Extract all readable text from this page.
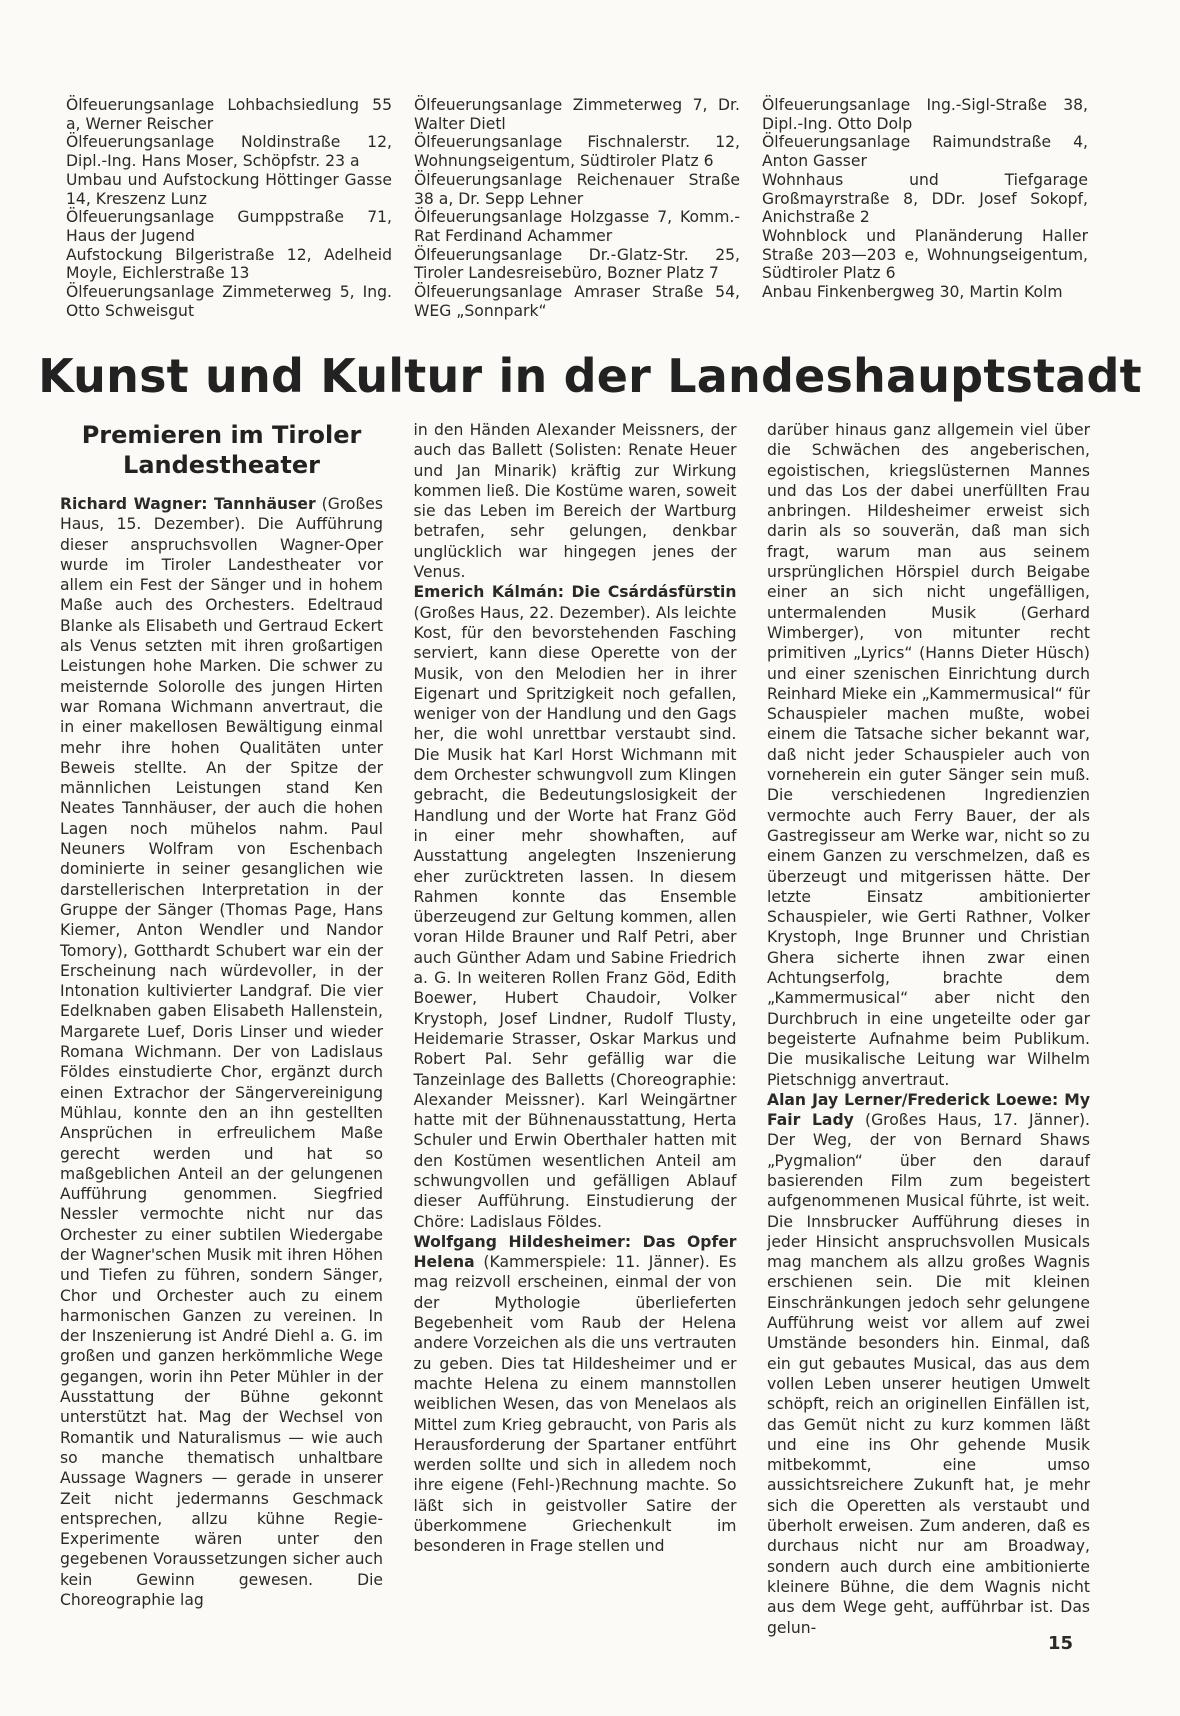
Ölfeuerungsanlage Lohbachsiedlung 55 a, Werner Reischer

Ölfeuerungsanlage Noldinstraße 12, Dipl.-Ing. Hans Moser, Schöpfstr. 23 a

Umbau und Aufstockung Höttinger Gasse 14, Kreszenz Lunz

Ölfeuerungsanlage Gumppstraße 71, Haus der Jugend

Aufstockung Bilgeristraße 12, Adelheid Moyle, Eichlerstraße 13

Ölfeuerungsanlage Zimmeterweg 5, Ing. Otto Schweisgut

Ölfeuerungsanlage Zimmeterweg 7, Dr. Walter Dietl

Ölfeuerungsanlage Fischnalerstr. 12, Wohnungseigentum, Südtiroler Platz 6

Ölfeuerungsanlage Reichenauer Straße 38 a, Dr. Sepp Lehner

Ölfeuerungsanlage Holzgasse 7, Komm.-Rat Ferdinand Achammer

Ölfeuerungsanlage Dr.-Glatz-Str. 25, Tiroler Landesreisebüro, Bozner Platz 7

Ölfeuerungsanlage Amraser Straße 54, WEG „Sonnpark“

Ölfeuerungsanlage Ing.-Sigl-Straße 38, Dipl.-Ing. Otto Dolp

Ölfeuerungsanlage Raimundstraße 4, Anton Gasser

Wohnhaus und Tiefgarage Großmayrstraße 8, DDr. Josef Sokopf, Anichstraße 2

Wohnblock und Planänderung Haller Straße 203—203 e, Wohnungseigentum, Südtiroler Platz 6

Anbau Finkenbergweg 30, Martin Kolm

Kunst und Kultur in der Landeshauptstadt
Premieren im Tiroler Landestheater

Richard Wagner: Tannhäuser (Großes Haus, 15. Dezember). Die Aufführung dieser anspruchsvollen Wagner-Oper wurde im Tiroler Landestheater vor allem ein Fest der Sänger und in hohem Maße auch des Orchesters. Edeltraud Blanke als Elisabeth und Gertraud Eckert als Venus setzten mit ihren großartigen Leistungen hohe Marken. Die schwer zu meisternde Solorolle des jungen Hirten war Romana Wichmann anvertraut, die in einer makellosen Bewältigung einmal mehr ihre hohen Qualitäten unter Beweis stellte. An der Spitze der männlichen Leistungen stand Ken Neates Tannhäuser, der auch die hohen Lagen noch mühelos nahm. Paul Neuners Wolfram von Eschenbach dominierte in seiner gesanglichen wie darstellerischen Interpretation in der Gruppe der Sänger (Thomas Page, Hans Kiemer, Anton Wendler und Nandor Tomory), Gotthardt Schubert war ein der Erscheinung nach würdevoller, in der Intonation kultivierter Landgraf. Die vier Edelknaben gaben Elisabeth Hallenstein, Margarete Luef, Doris Linser und wieder Romana Wichmann. Der von Ladislaus Földes einstudierte Chor, ergänzt durch einen Extrachor der Sängervereinigung Mühlau, konnte den an ihn gestellten Ansprüchen in erfreulichem Maße gerecht werden und hat so maßgeblichen Anteil an der gelungenen Aufführung genommen. Siegfried Nessler vermochte nicht nur das Orchester zu einer subtilen Wiedergabe der Wagner'schen Musik mit ihren Höhen und Tiefen zu führen, sondern Sänger, Chor und Orchester auch zu einem harmonischen Ganzen zu vereinen. In der Inszenierung ist André Diehl a. G. im großen und ganzen herkömmliche Wege gegangen, worin ihn Peter Mühler in der Ausstattung der Bühne gekonnt unterstützt hat. Mag der Wechsel von Romantik und Naturalismus — wie auch so manche thematisch unhaltbare Aussage Wagners — gerade in unserer Zeit nicht jedermanns Geschmack entsprechen, allzu kühne Regie-Experimente wären unter den gegebenen Voraussetzungen sicher auch kein Gewinn gewesen. Die Choreographie lag

in den Händen Alexander Meissners, der auch das Ballett (Solisten: Renate Heuer und Jan Minarik) kräftig zur Wirkung kommen ließ. Die Kostüme waren, soweit sie das Leben im Bereich der Wartburg betrafen, sehr gelungen, denkbar unglücklich war hingegen jenes der Venus.

Emerich Kálmán: Die Csárdásfürstin (Großes Haus, 22. Dezember). Als leichte Kost, für den bevorstehenden Fasching serviert, kann diese Operette von der Musik, von den Melodien her in ihrer Eigenart und Spritzigkeit noch gefallen, weniger von der Handlung und den Gags her, die wohl unrettbar verstaubt sind. Die Musik hat Karl Horst Wichmann mit dem Orchester schwungvoll zum Klingen gebracht, die Bedeutungslosigkeit der Handlung und der Worte hat Franz Göd in einer mehr showhaften, auf Ausstattung angelegten Inszenierung eher zurücktreten lassen. In diesem Rahmen konnte das Ensemble überzeugend zur Geltung kommen, allen voran Hilde Brauner und Ralf Petri, aber auch Günther Adam und Sabine Friedrich a. G. In weiteren Rollen Franz Göd, Edith Boewer, Hubert Chaudoir, Volker Krystoph, Josef Lindner, Rudolf Tlusty, Heidemarie Strasser, Oskar Markus und Robert Pal. Sehr gefällig war die Tanzeinlage des Balletts (Choreographie: Alexander Meissner). Karl Weingärtner hatte mit der Bühnenausstattung, Herta Schuler und Erwin Oberthaler hatten mit den Kostümen wesentlichen Anteil am schwungvollen und gefälligen Ablauf dieser Aufführung. Einstudierung der Chöre: Ladislaus Földes.

Wolfgang Hildesheimer: Das Opfer Helena (Kammerspiele: 11. Jänner). Es mag reizvoll erscheinen, einmal der von der Mythologie überlieferten Begebenheit vom Raub der Helena andere Vorzeichen als die uns vertrauten zu geben. Dies tat Hildesheimer und er machte Helena zu einem mannstollen weiblichen Wesen, das von Menelaos als Mittel zum Krieg gebraucht, von Paris als Herausforderung der Spartaner entführt werden sollte und sich in alledem noch ihre eigene (Fehl-)Rechnung machte. So läßt sich in geistvoller Satire der überkommene Griechenkult im besonderen in Frage stellen und

darüber hinaus ganz allgemein viel über die Schwächen des angeberischen, egoistischen, kriegslüsternen Mannes und das Los der dabei unerfüllten Frau anbringen. Hildesheimer erweist sich darin als so souverän, daß man sich fragt, warum man aus seinem ursprünglichen Hörspiel durch Beigabe einer an sich nicht ungefälligen, untermalenden Musik (Gerhard Wimberger), von mitunter recht primitiven „Lyrics“ (Hanns Dieter Hüsch) und einer szenischen Einrichtung durch Reinhard Mieke ein „Kammermusical“ für Schauspieler machen mußte, wobei einem die Tatsache sicher bekannt war, daß nicht jeder Schauspieler auch von vorneherein ein guter Sänger sein muß. Die verschiedenen Ingredienzien vermochte auch Ferry Bauer, der als Gastregisseur am Werke war, nicht so zu einem Ganzen zu verschmelzen, daß es überzeugt und mitgerissen hätte. Der letzte Einsatz ambitionierter Schauspieler, wie Gerti Rathner, Volker Krystoph, Inge Brunner und Christian Ghera sicherte ihnen zwar einen Achtungserfolg, brachte dem „Kammermusical“ aber nicht den Durchbruch in eine ungeteilte oder gar begeisterte Aufnahme beim Publikum. Die musikalische Leitung war Wilhelm Pietschnigg anvertraut.

Alan Jay Lerner/Frederick Loewe: My Fair Lady (Großes Haus, 17. Jänner). Der Weg, der von Bernard Shaws „Pygmalion“ über den darauf basierenden Film zum begeistert aufgenommenen Musical führte, ist weit. Die Innsbrucker Aufführung dieses in jeder Hinsicht anspruchsvollen Musicals mag manchem als allzu großes Wagnis erschienen sein. Die mit kleinen Einschränkungen jedoch sehr gelungene Aufführung weist vor allem auf zwei Umstände besonders hin. Einmal, daß ein gut gebautes Musical, das aus dem vollen Leben unserer heutigen Umwelt schöpft, reich an originellen Einfällen ist, das Gemüt nicht zu kurz kommen läßt und eine ins Ohr gehende Musik mitbekommt, eine umso aussichtsreichere Zukunft hat, je mehr sich die Operetten als verstaubt und überholt erweisen. Zum anderen, daß es durchaus nicht nur am Broadway, sondern auch durch eine ambitionierte kleinere Bühne, die dem Wagnis nicht aus dem Wege geht, aufführbar ist. Das gelun-

15
